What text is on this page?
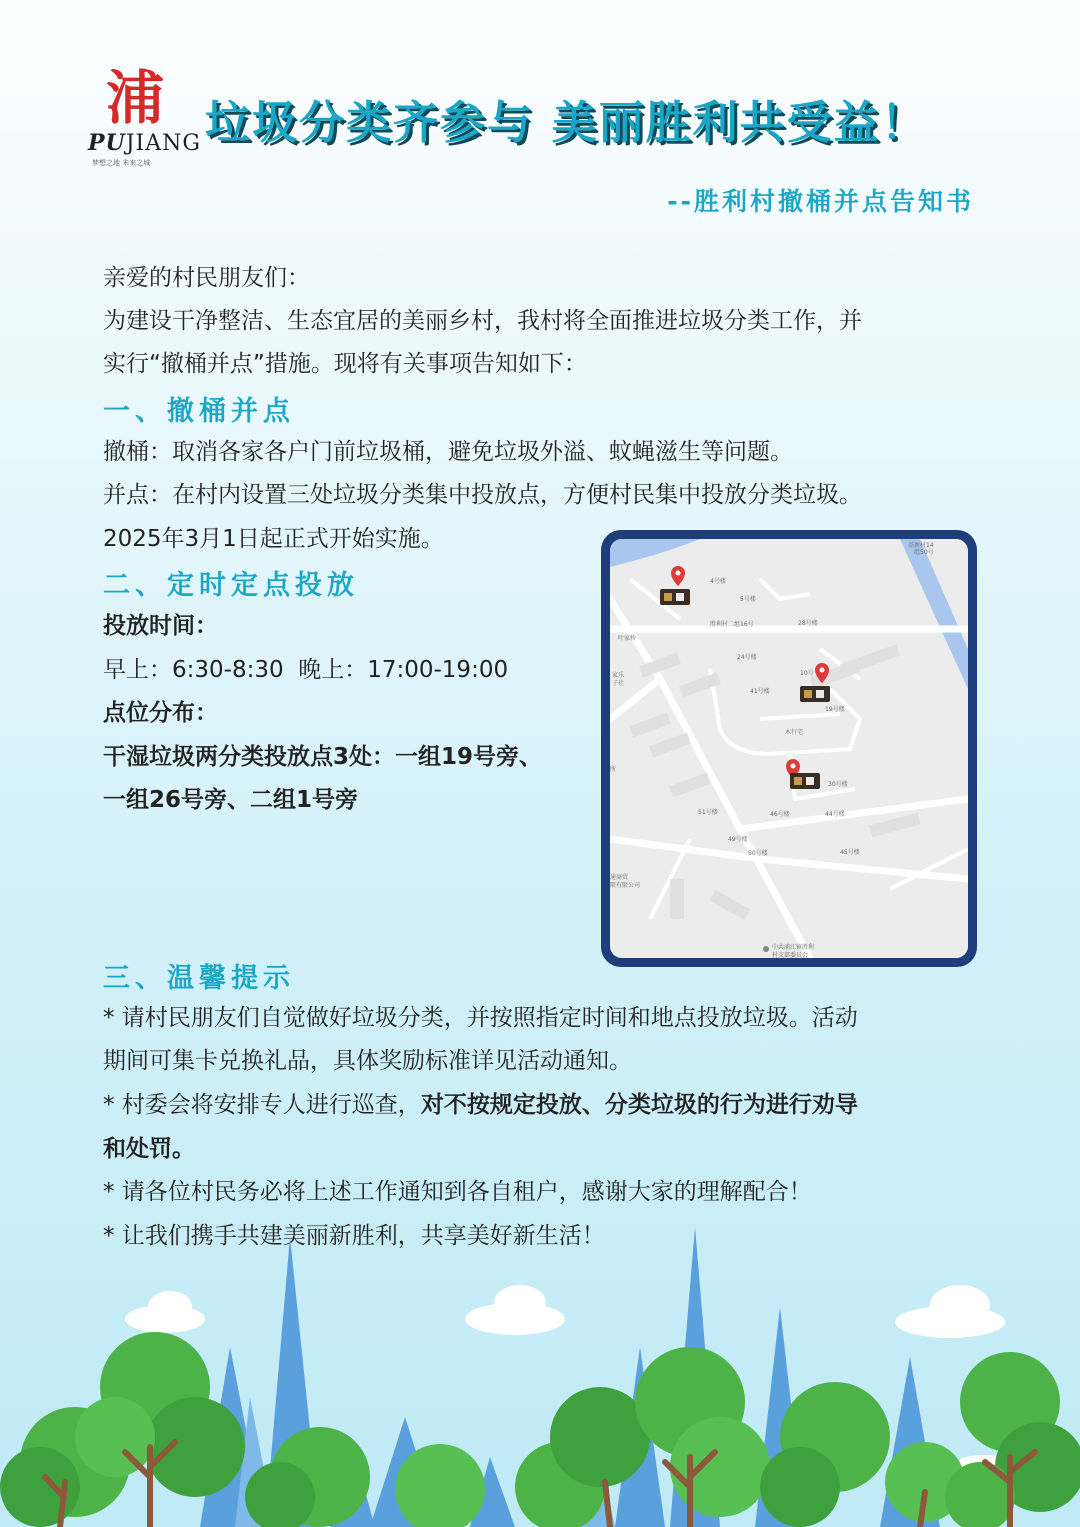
浦
PUJIANG
梦想之地 未来之城
垃圾分类齐参与 美丽胜利共受益！
--胜利村撤桶并点告知书
亲爱的村民朋友们：
为建设干净整洁、生态宜居的美丽乡村，我村将全面推进垃圾分类工作，并
实行“撤桶并点”措施。现将有关事项告知如下：
一、撤桶并点
撤桶：取消各家各户门前垃圾桶，避免垃圾外溢、蚊蝇滋生等问题。
并点：在村内设置三处垃圾分类集中投放点，方便村民集中投放分类垃圾。
2025年3月1日起正式开始实施。
二、定时定点投放
投放时间：
早上：6:30-8:30  晚上：17:00-19:00
点位分布：
干湿垃圾两分类投放点3处：一组19号旁、
一组26号旁、二组1号旁
4号楼
5号楼
胜利村二组16号	28号楼
叶家桥
24号楼
10号
41号楼
19号楼
木行宅
30号楼
51号楼	46号楼	44号楼
49号楼
50号楼	45号楼
中共浦江镇胜利
村支部委员会
基新村14
组50号
家乐
子社
所
通商贸
限有限公司
三、温馨提示
* 请村民朋友们自觉做好垃圾分类，并按照指定时间和地点投放垃圾。活动
期间可集卡兑换礼品，具体奖励标准详见活动通知。
* 村委会将安排专人进行巡查，对不按规定投放、分类垃圾的行为进行劝导
和处罚。
* 请各位村民务必将上述工作通知到各自租户，感谢大家的理解配合！
* 让我们携手共建美丽新胜利，共享美好新生活！
